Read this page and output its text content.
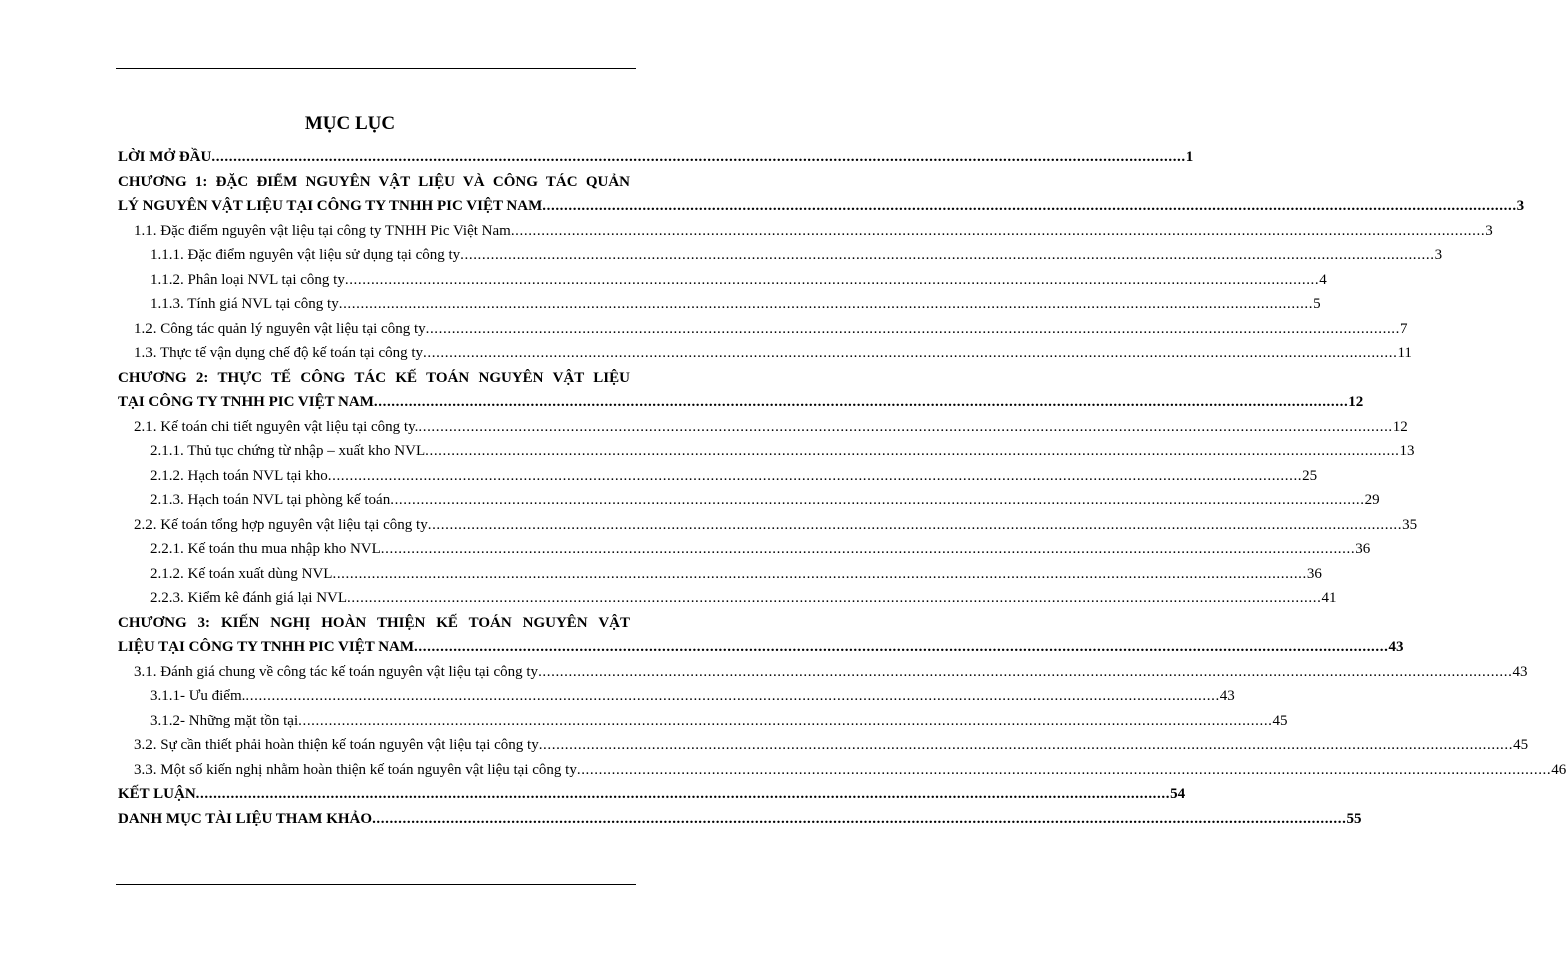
MỤC LỤC
LỜI MỞ ĐẦU ................................................................................................................................................................................................................................ 1
CHƯƠNG 1: ĐẶC ĐIỂM NGUYÊN VẬT LIỆU VÀ CÔNG TÁC QUẢN
LÝ NGUYÊN VẬT LIỆU TẠI CÔNG TY TNHH PIC VIỆT NAM ................................................................................................................................................................................................................................ 3
1.1. Đặc điểm nguyên vật liệu tại công ty TNHH Pic Việt Nam ................................................................................................................................................................................................................................ 3
1.1.1. Đặc điểm nguyên vật liệu sử dụng tại công ty ................................................................................................................................................................................................................................ 3
1.1.2. Phân loại NVL tại công ty ................................................................................................................................................................................................................................ 4
1.1.3. Tính giá NVL tại công ty ................................................................................................................................................................................................................................ 5
1.2. Công tác quản lý nguyên vật liệu tại công ty ................................................................................................................................................................................................................................ 7
1.3. Thực tế vận dụng chế độ kế toán tại công ty ................................................................................................................................................................................................................................ 11
CHƯƠNG 2: THỰC TẾ CÔNG TÁC KẾ TOÁN NGUYÊN VẬT LIỆU
TẠI CÔNG TY TNHH PIC VIỆT NAM ................................................................................................................................................................................................................................ 12
2.1. Kế toán chi tiết nguyên vật liệu tại công ty. ................................................................................................................................................................................................................................ 12
2.1.1. Thủ tục chứng từ nhập – xuất kho NVL ................................................................................................................................................................................................................................ 13
2.1.2. Hạch toán NVL tại kho ................................................................................................................................................................................................................................ 25
2.1.3. Hạch toán NVL tại phòng kế toán ................................................................................................................................................................................................................................ 29
2.2. Kế toán tổng hợp nguyên vật liệu tại công ty ................................................................................................................................................................................................................................ 35
2.2.1. Kế toán thu mua nhập kho NVL ................................................................................................................................................................................................................................ 36
2.1.2. Kế toán xuất dùng NVL ................................................................................................................................................................................................................................ 36
2.2.3. Kiểm kê đánh giá lại NVL ................................................................................................................................................................................................................................ 41
CHƯƠNG 3: KIẾN NGHỊ HOÀN THIỆN KẾ TOÁN NGUYÊN VẬT
LIỆU TẠI CÔNG TY TNHH PIC VIỆT NAM ................................................................................................................................................................................................................................ 43
3.1. Đánh giá chung về công tác kế toán nguyên vật liệu tại công ty ................................................................................................................................................................................................................................ 43
3.1.1- Ưu điểm. ................................................................................................................................................................................................................................ 43
3.1.2- Những mặt tồn tại ................................................................................................................................................................................................................................ 45
3.2. Sự cần thiết phải hoàn thiện kế toán nguyên vật liệu tại công ty ................................................................................................................................................................................................................................ 45
3.3. Một số kiến nghị nhằm hoàn thiện kế toán nguyên vật liệu tại công ty ................................................................................................................................................................................................................................ 46
KẾT LUẬN ................................................................................................................................................................................................................................ 54
DANH MỤC TÀI LIỆU THAM KHẢO ................................................................................................................................................................................................................................ 55
